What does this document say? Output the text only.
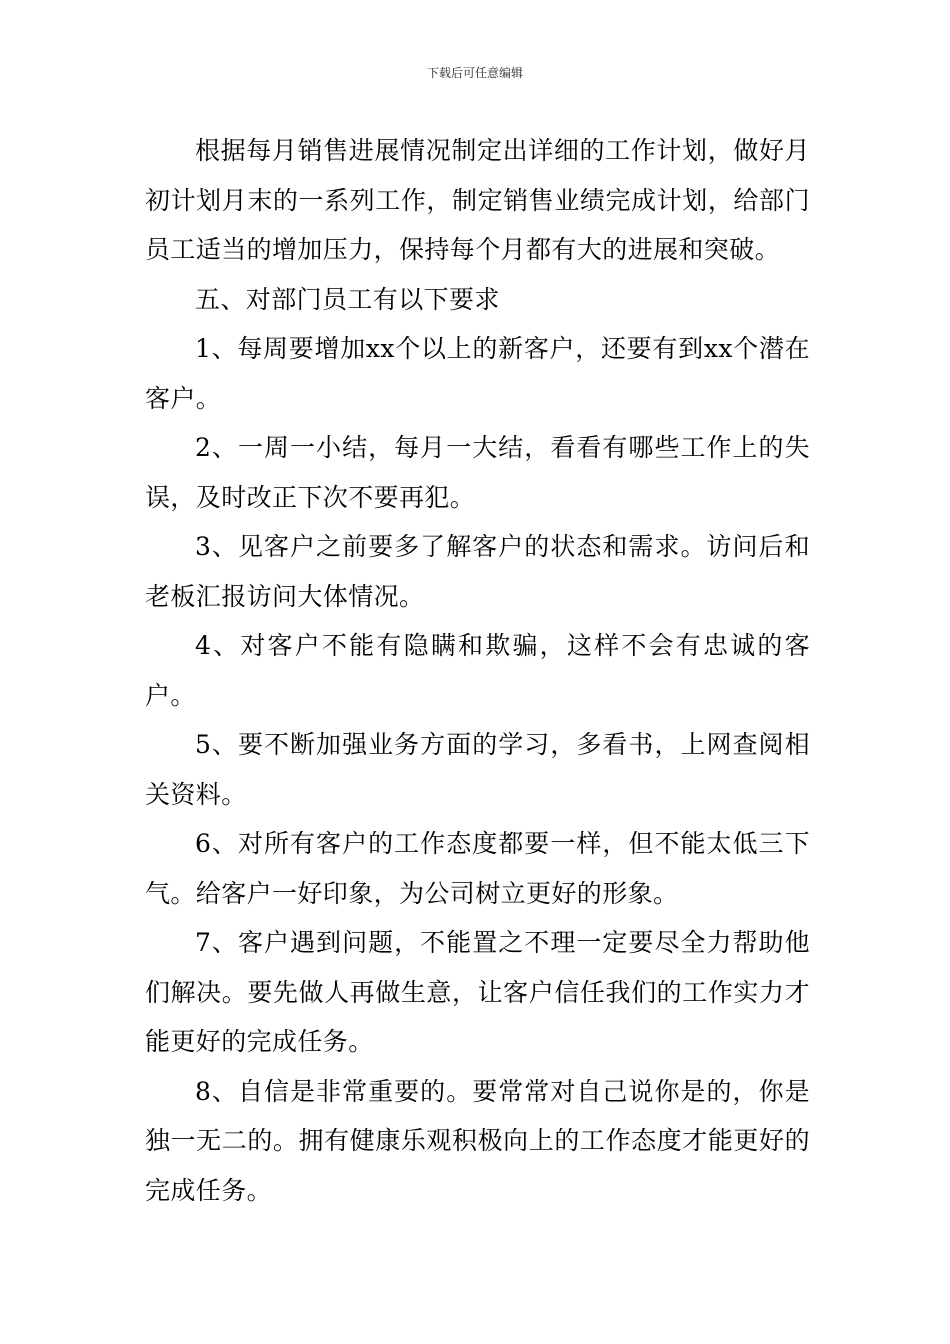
下载后可任意编辑

根据每月销售进展情况制定出详细的工作计划，做好月初计划月末的一系列工作，制定销售业绩完成计划，给部门员工适当的增加压力，保持每个月都有大的进展和突破。

五、对部门员工有以下要求

1、每周要增加xx个以上的新客户，还要有到xx个潜在客户。

2、一周一小结，每月一大结，看看有哪些工作上的失误，及时改正下次不要再犯。

3、见客户之前要多了解客户的状态和需求。访问后和老板汇报访问大体情况。

4、对客户不能有隐瞒和欺骗，这样不会有忠诚的客户。

5、要不断加强业务方面的学习，多看书，上网查阅相关资料。

6、对所有客户的工作态度都要一样，但不能太低三下气。给客户一好印象，为公司树立更好的形象。

7、客户遇到问题，不能置之不理一定要尽全力帮助他们解决。要先做人再做生意，让客户信任我们的工作实力才能更好的完成任务。

8、自信是非常重要的。要常常对自己说你是的，你是独一无二的。拥有健康乐观积极向上的工作态度才能更好的完成任务。
